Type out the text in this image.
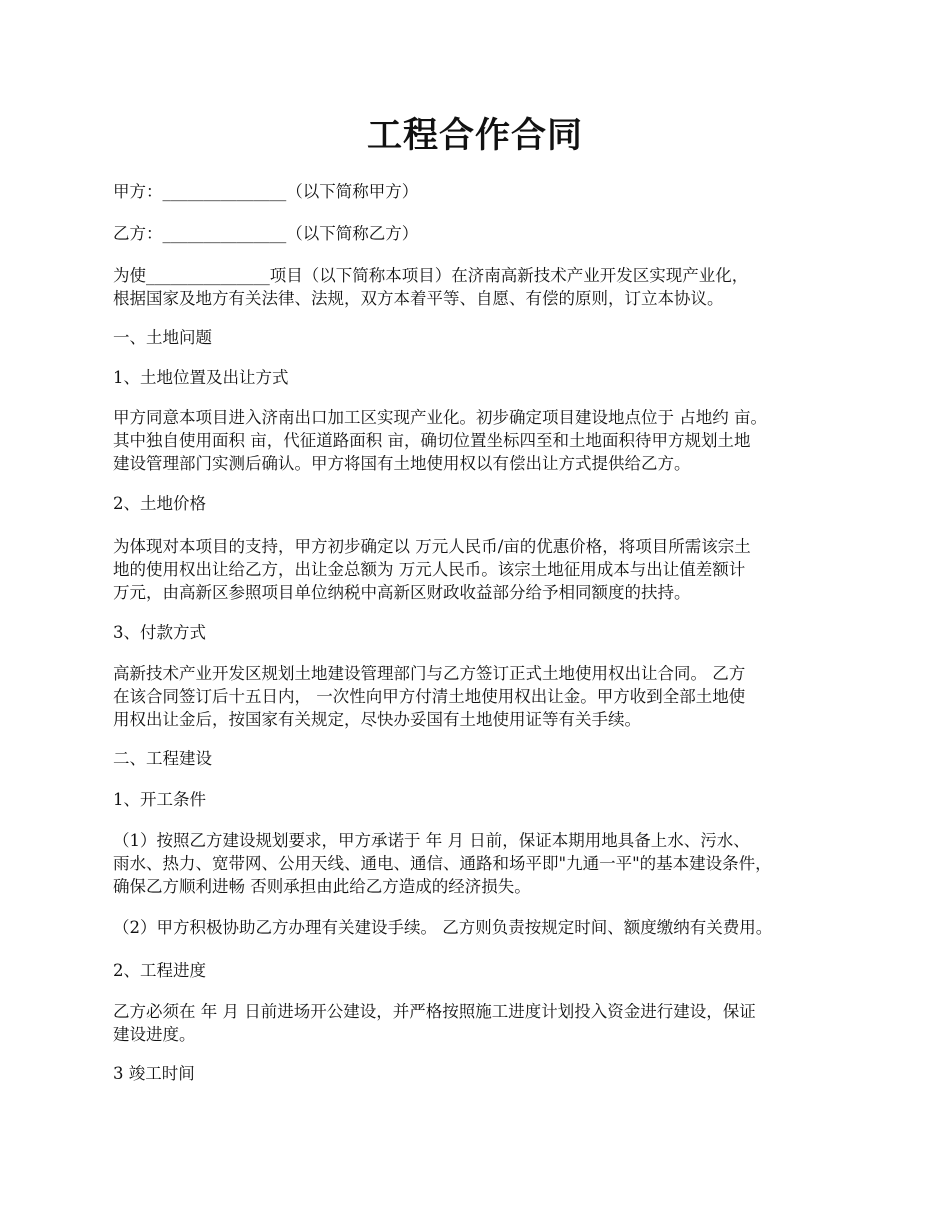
工程合作合同
甲方：_______________（以下简称甲方）
乙方：_______________（以下简称乙方）
为使_______________项目（以下简称本项目）在济南高新技术产业开发区实现产业化，
根据国家及地方有关法律、法规，双方本着平等、自愿、有偿的原则，订立本协议。
一、土地问题
1、土地位置及出让方式
甲方同意本项目进入济南出口加工区实现产业化。初步确定项目建设地点位于 占地约 亩。
其中独自使用面积 亩，代征道路面积 亩，确切位置坐标四至和土地面积待甲方规划土地
建设管理部门实测后确认。甲方将国有土地使用权以有偿出让方式提供给乙方。
2、土地价格
为体现对本项目的支持，甲方初步确定以 万元人民币/亩的优惠价格，将项目所需该宗土
地的使用权出让给乙方，出让金总额为 万元人民币。该宗土地征用成本与出让值差额计
万元，由高新区参照项目单位纳税中高新区财政收益部分给予相同额度的扶持。
3、付款方式
高新技术产业开发区规划土地建设管理部门与乙方签订正式土地使用权出让合同。 乙方
在该合同签订后十五日内， 一次性向甲方付清土地使用权出让金。甲方收到全部土地使
用权出让金后，按国家有关规定，尽快办妥国有土地使用证等有关手续。
二、工程建设
1、开工条件
（1）按照乙方建设规划要求，甲方承诺于 年 月 日前，保证本期用地具备上水、污水、
雨水、热力、宽带网、公用天线、通电、通信、通路和场平即"九通一平"的基本建设条件，
确保乙方顺利进畅 否则承担由此给乙方造成的经济损失。
（2）甲方积极协助乙方办理有关建设手续。 乙方则负责按规定时间、额度缴纳有关费用。
2、工程进度
乙方必须在 年 月 日前进场开公建设，并严格按照施工进度计划投入资金进行建设，保证
建设进度。
3 竣工时间
